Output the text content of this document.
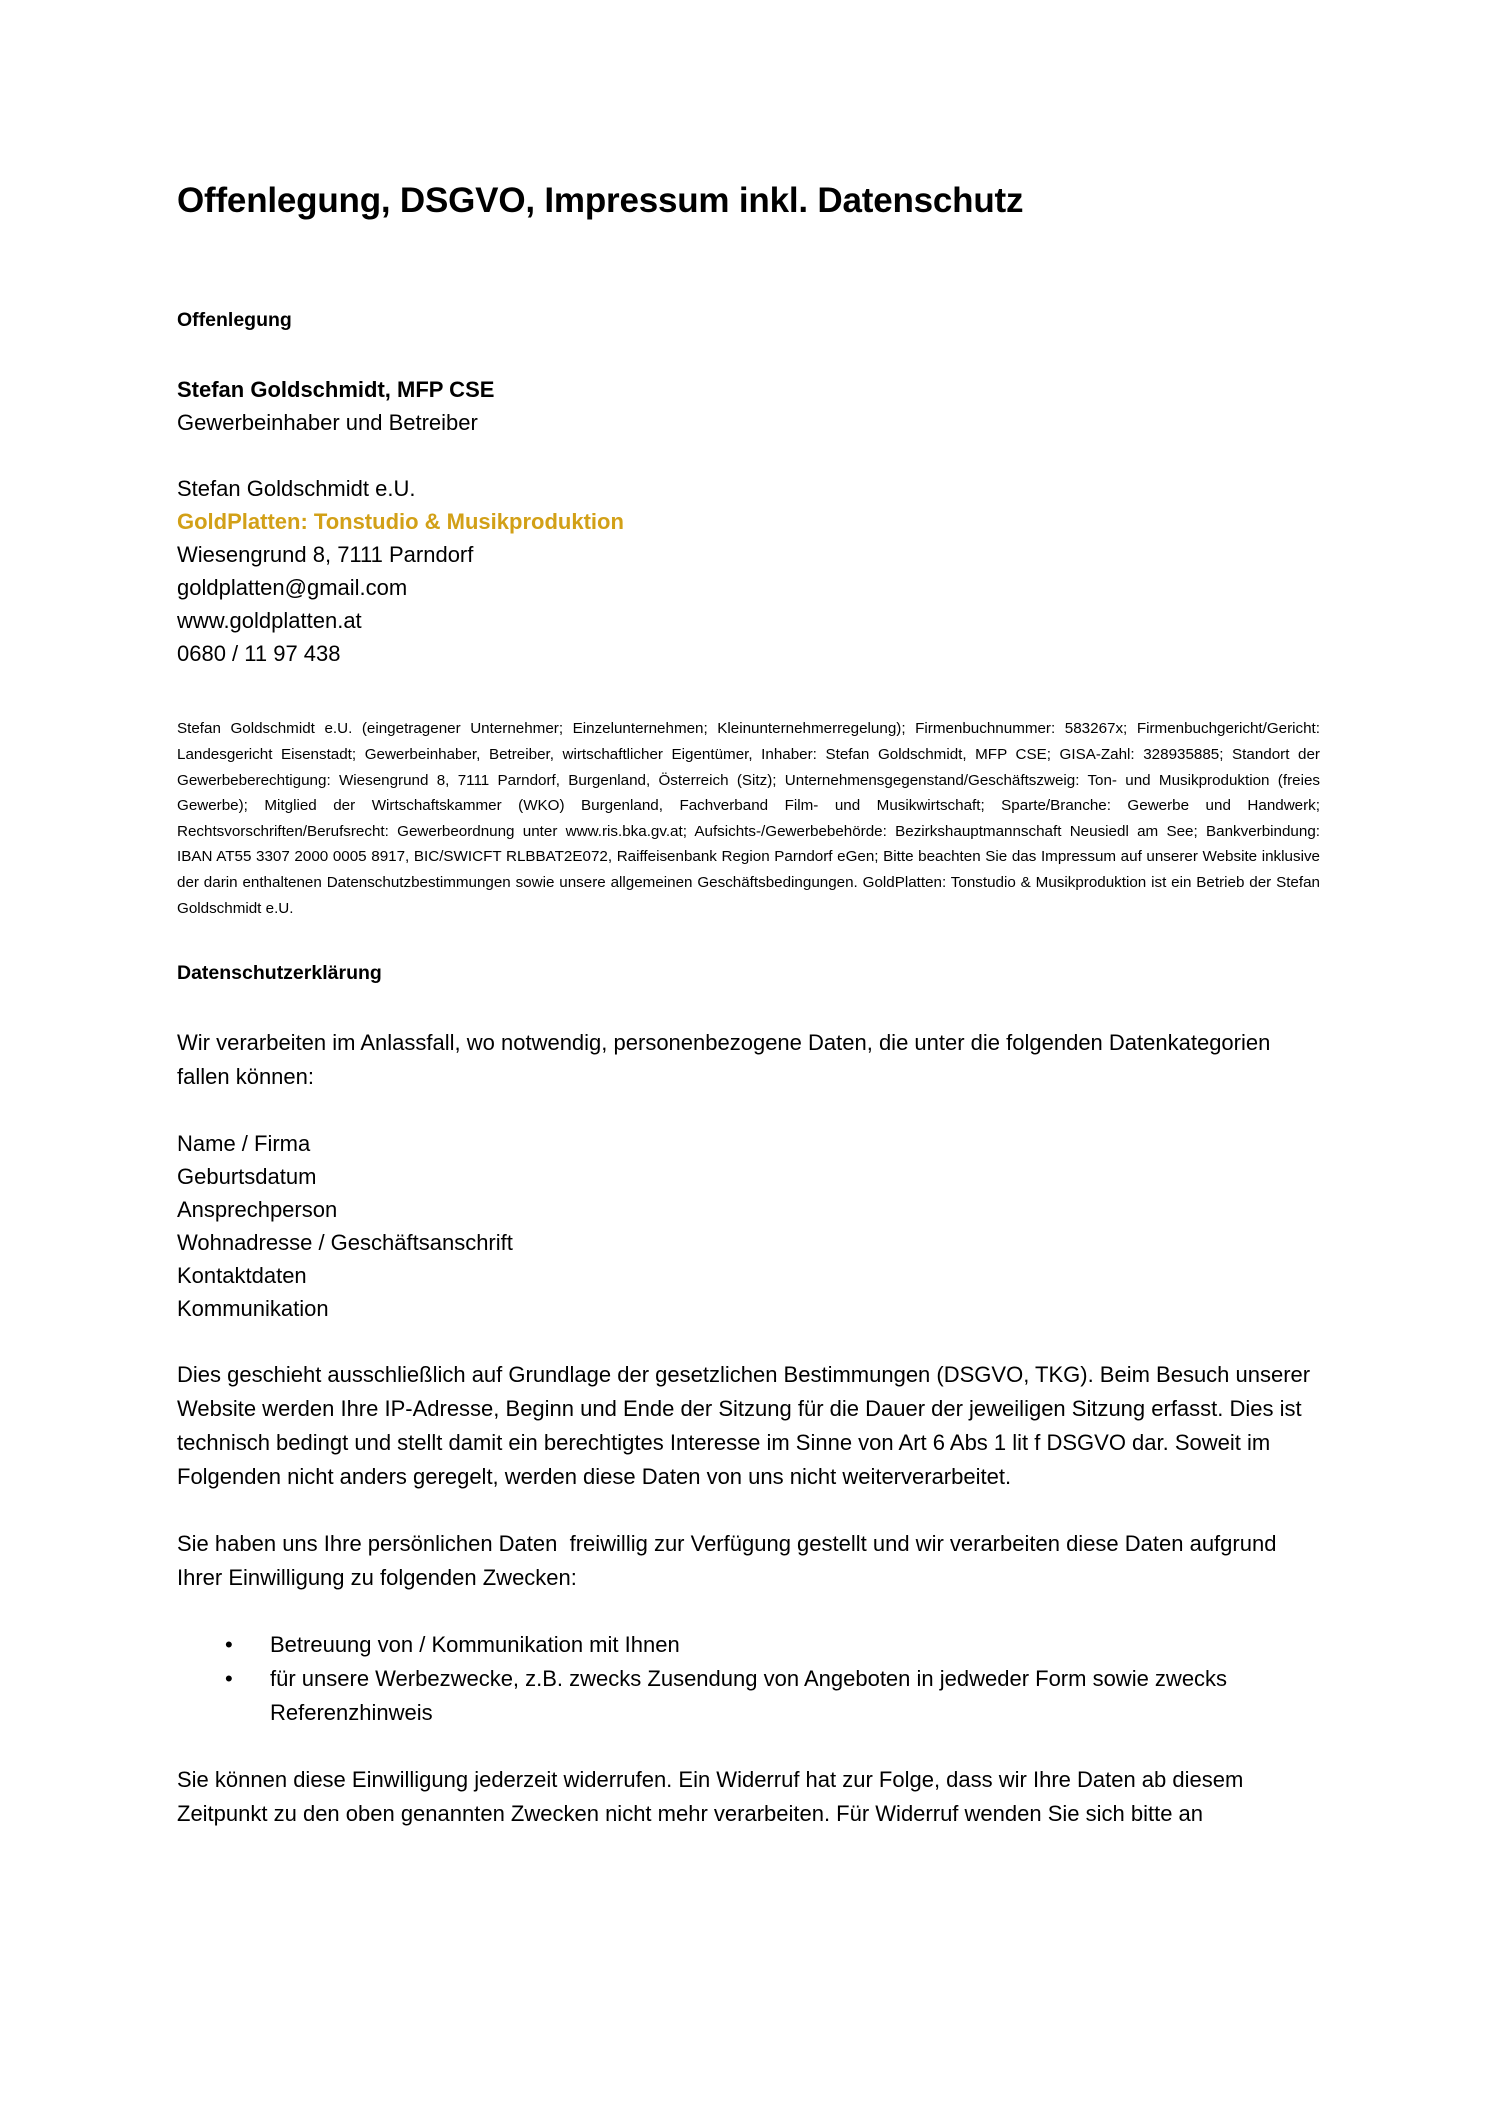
Offenlegung, DSGVO, Impressum inkl. Datenschutz
Offenlegung

Stefan Goldschmidt, MFP CSE

Gewerbeinhaber und Betreiber

Stefan Goldschmidt e.U.

GoldPlatten: Tonstudio & Musikproduktion

Wiesengrund 8, 7111 Parndorf

goldplatten@gmail.com

www.goldplatten.at

0680 / 11 97 438

Stefan Goldschmidt e.U. (eingetragener Unternehmer; Einzelunternehmen; Kleinunternehmerregelung); Firmenbuchnummer: 583267x; Firmenbuchgericht/Gericht: Landesgericht Eisenstadt; Gewerbeinhaber, Betreiber, wirtschaftlicher Eigentümer, Inhaber: Stefan Goldschmidt, MFP CSE; GISA-Zahl: 328935885; Standort der Gewerbeberechtigung: Wiesengrund 8, 7111 Parndorf, Burgenland, Österreich (Sitz); Unternehmensgegenstand/Geschäftszweig: Ton- und Musikproduktion (freies Gewerbe); Mitglied der Wirtschaftskammer (WKO) Burgenland, Fachverband Film- und Musikwirtschaft; Sparte/Branche: Gewerbe und Handwerk; Rechtsvorschriften/Berufsrecht: Gewerbeordnung unter www.ris.bka.gv.at; Aufsichts-/Gewerbebehörde: Bezirkshauptmannschaft Neusiedl am See; Bankverbindung: IBAN AT55 3307 2000 0005 8917, BIC/SWICFT RLBBAT2E072, Raiffeisenbank Region Parndorf eGen; Bitte beachten Sie das Impressum auf unserer Website inklusive der darin enthaltenen Datenschutzbestimmungen sowie unsere allgemeinen Geschäftsbedingungen. GoldPlatten: Tonstudio & Musikproduktion ist ein Betrieb der Stefan Goldschmidt e.U.

Datenschutzerklärung

Wir verarbeiten im Anlassfall, wo notwendig, personenbezogene Daten, die unter die folgenden Datenkategorien fallen können:

Name / Firma
Geburtsdatum
Ansprechperson
Wohnadresse / Geschäftsanschrift
Kontaktdaten
Kommunikation

Dies geschieht ausschließlich auf Grundlage der gesetzlichen Bestimmungen (DSGVO, TKG). Beim Besuch unserer Website werden Ihre IP-Adresse, Beginn und Ende der Sitzung für die Dauer der jeweiligen Sitzung erfasst. Dies ist technisch bedingt und stellt damit ein berechtigtes Interesse im Sinne von Art 6 Abs 1 lit f DSGVO dar. Soweit im Folgenden nicht anders geregelt, werden diese Daten von uns nicht weiterverarbeitet.

Sie haben uns Ihre persönlichen Daten  freiwillig zur Verfügung gestellt und wir verarbeiten diese Daten aufgrund Ihrer Einwilligung zu folgenden Zwecken:

• Betreuung von / Kommunikation mit Ihnen
• für unsere Werbezwecke, z.B. zwecks Zusendung von Angeboten in jedweder Form sowie zwecks Referenzhinweis

Sie können diese Einwilligung jederzeit widerrufen. Ein Widerruf hat zur Folge, dass wir Ihre Daten ab diesem Zeitpunkt zu den oben genannten Zwecken nicht mehr verarbeiten. Für Widerruf wenden Sie sich bitte an
